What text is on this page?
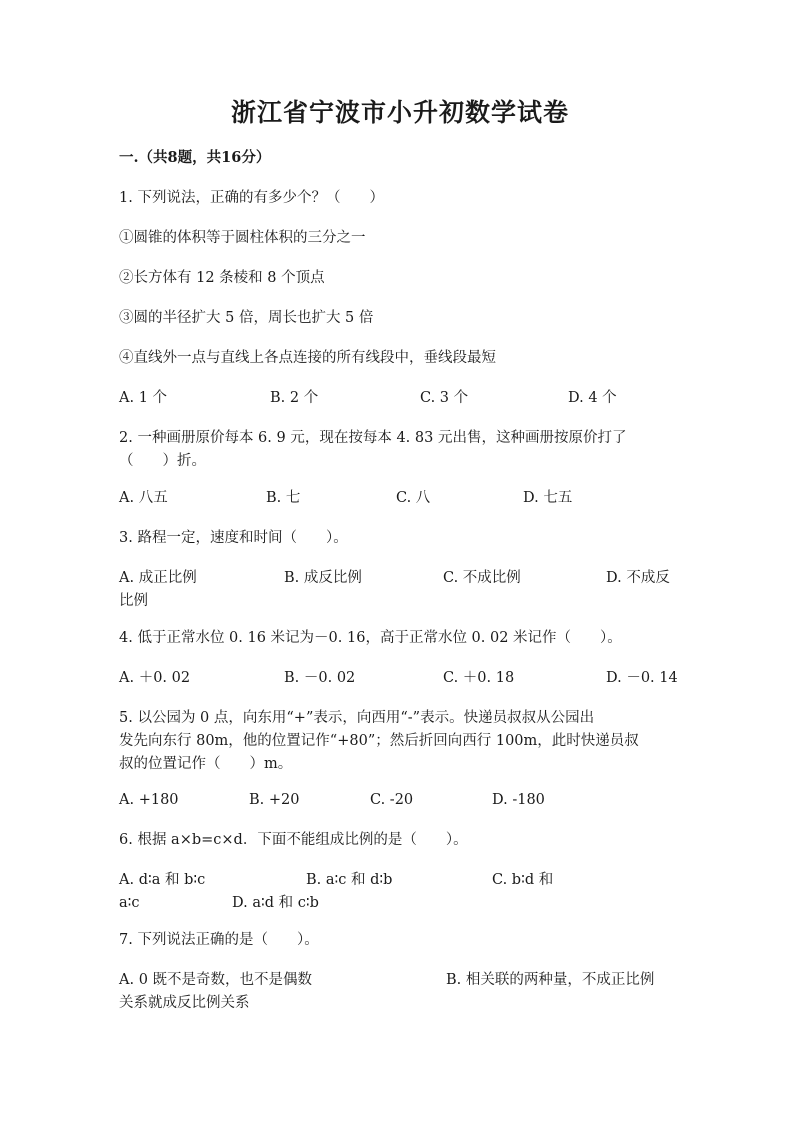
浙江省宁波市小升初数学试卷
一.（共8题，共16分）
1. 下列说法，正确的有多少个？（　　）
①圆锥的体积等于圆柱体积的三分之一
②长方体有 12 条棱和 8 个顶点
③圆的半径扩大 5 倍，周长也扩大 5 倍
④直线外一点与直线上各点连接的所有线段中，垂线段最短
A. 1 个	B. 2 个	C. 3 个	D. 4 个
2. 一种画册原价每本 6. 9 元，现在按每本 4. 83 元出售，这种画册按原价打了
（　　）折。
A. 八五	B. 七	C. 八	D. 七五
3. 路程一定，速度和时间（　　）。
A. 成正比例	B. 成反比例	C. 不成比例	D. 不成反
比例
4. 低于正常水位 0. 16 米记为－0. 16，高于正常水位 0. 02 米记作（　　）。
A. ＋0. 02	B. －0. 02	C. ＋0. 18	D. －0. 14
5. 以公园为 0 点，向东用“+”表示，向西用“-”表示。快递员叔叔从公园出
发先向东行 80m，他的位置记作“+80”；然后折回向西行 100m，此时快递员叔
叔的位置记作（　　）m。
A. +180	B. +20	C. -20	D. -180
6. 根据 a×b=c×d．下面不能组成比例的是（　　）。
A. d∶a 和 b∶c	B. a∶c 和 d∶b	C. b∶d 和
a∶c	D. a∶d 和 c∶b
7. 下列说法正确的是（　　）。
A. 0 既不是奇数，也不是偶数	B. 相关联的两种量，不成正比例
关系就成反比例关系
